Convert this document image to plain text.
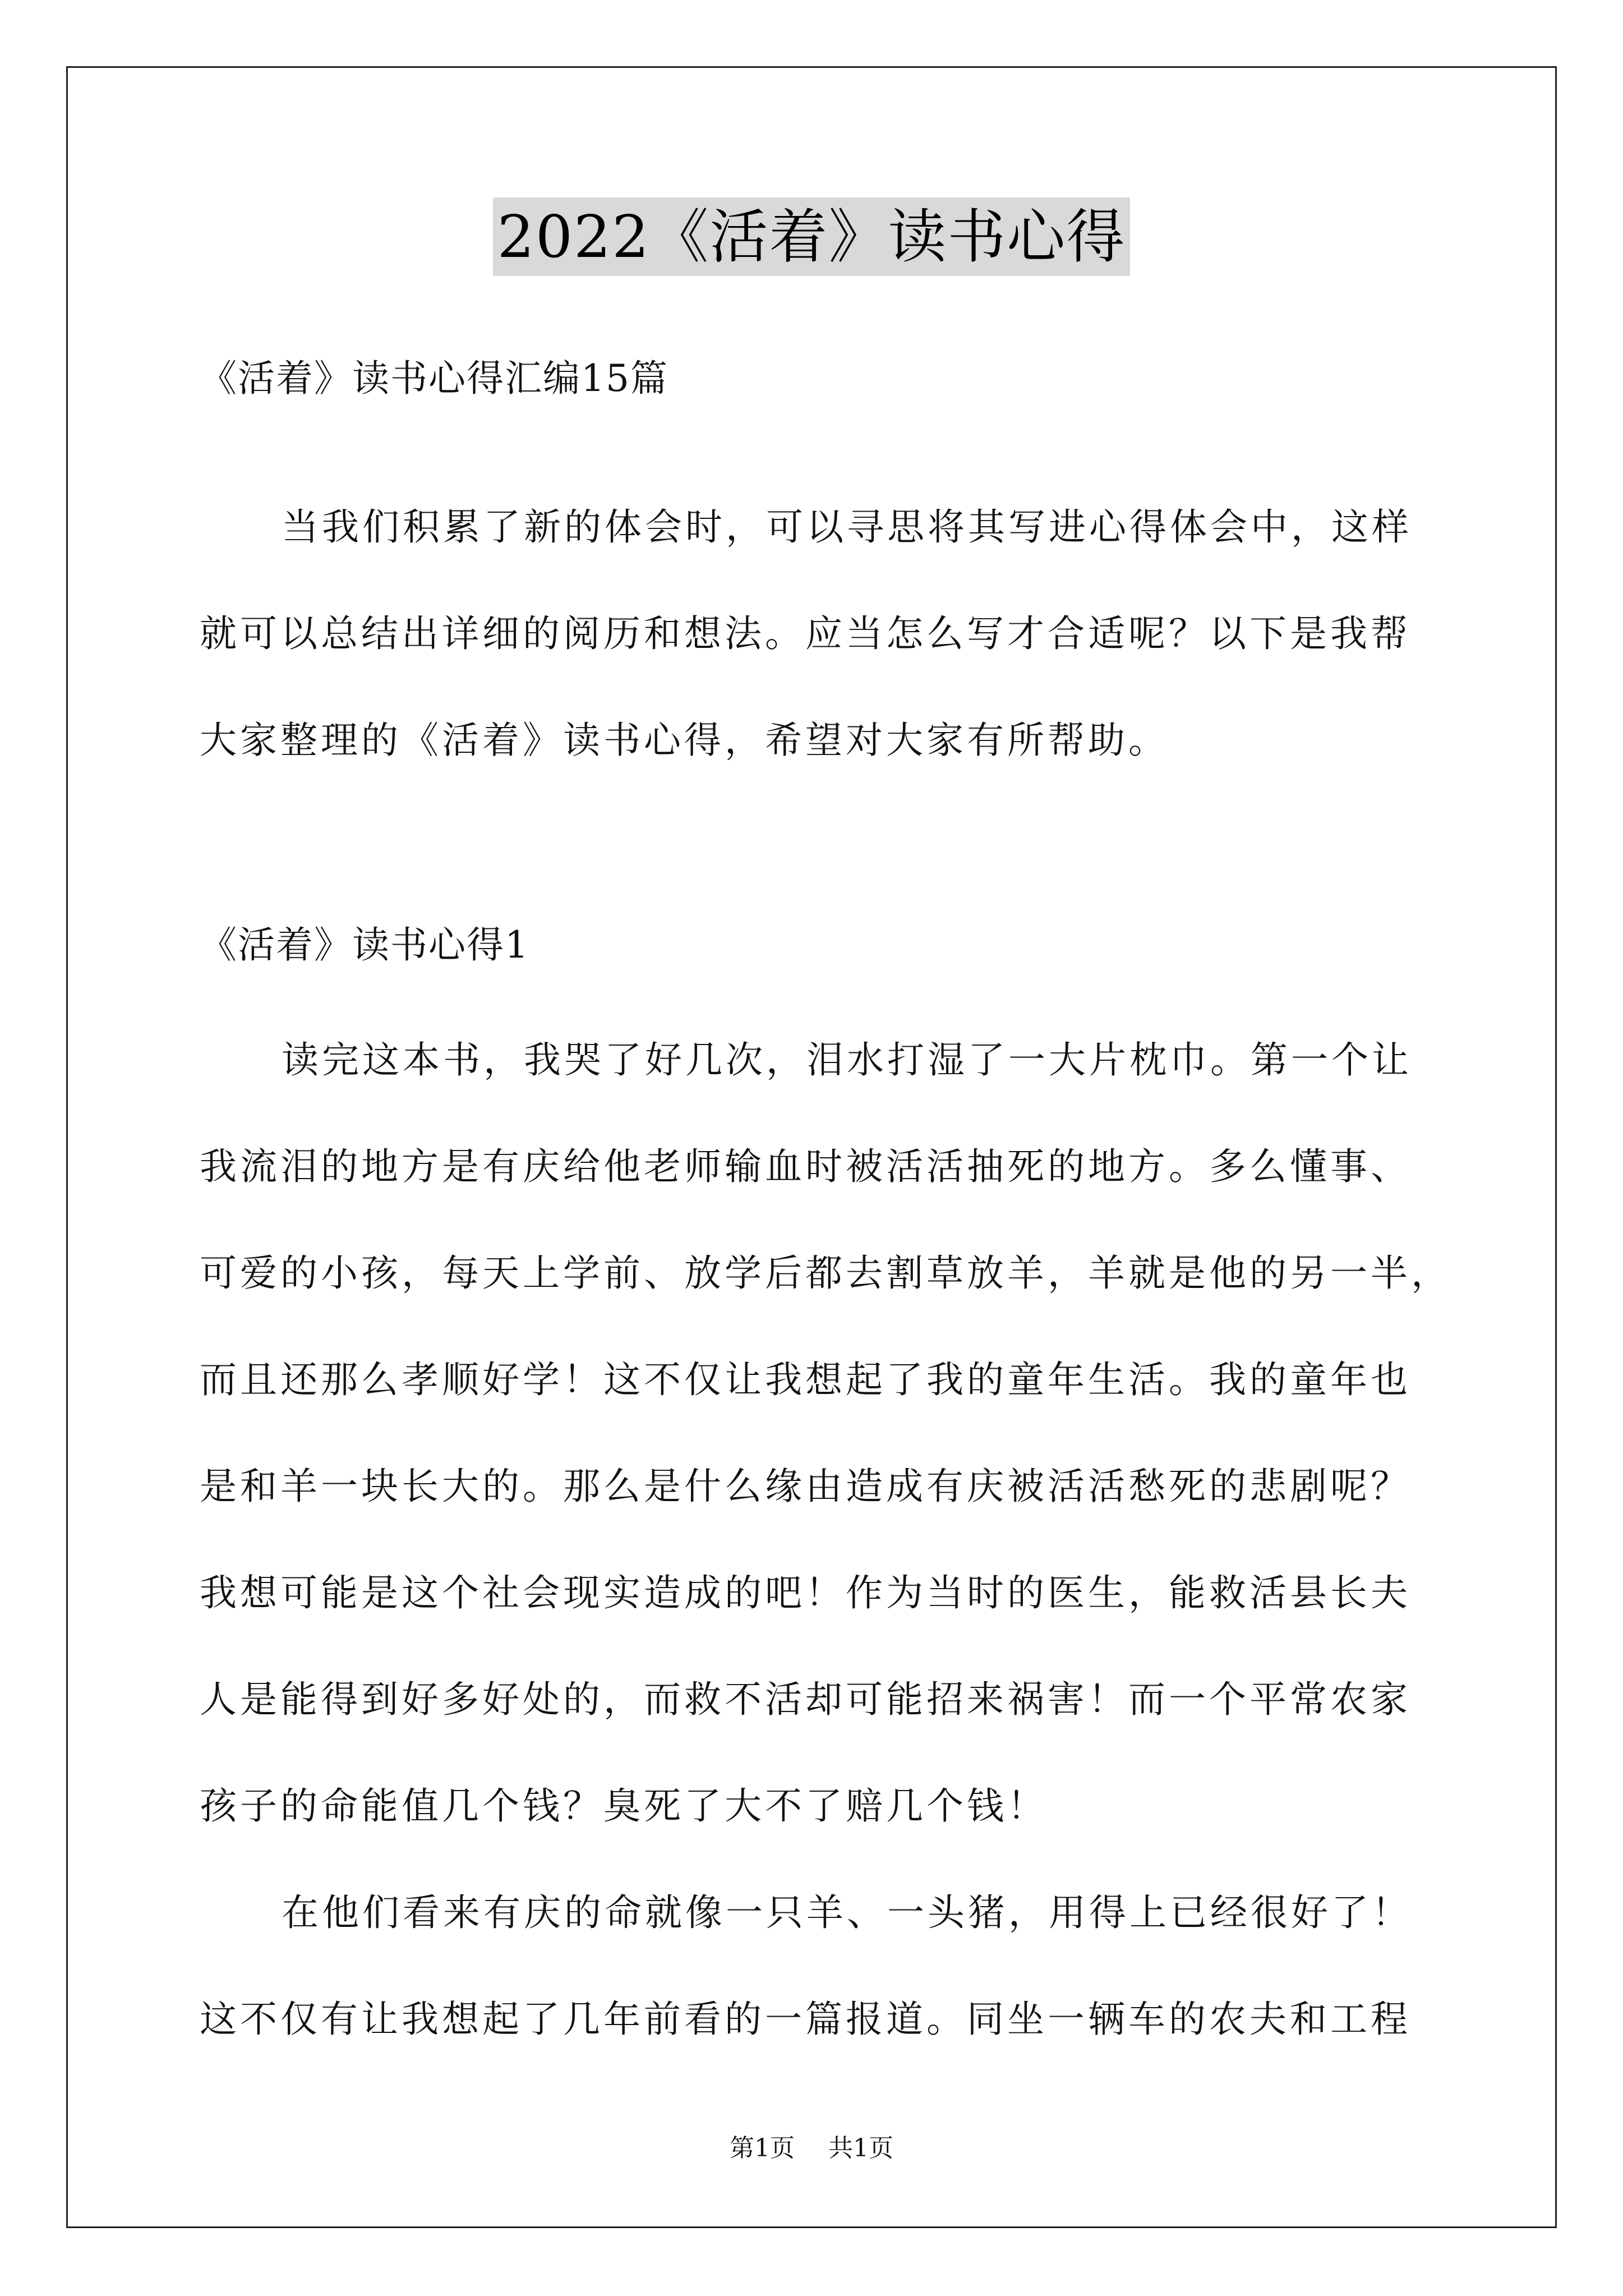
2022《活着》读书心得
《活着》读书心得汇编15篇
当我们积累了新的体会时，可以寻思将其写进心得体会中，这样
就可以总结出详细的阅历和想法。应当怎么写才合适呢？以下是我帮
大家整理的《活着》读书心得，希望对大家有所帮助。
《活着》读书心得1
读完这本书，我哭了好几次，泪水打湿了一大片枕巾。第一个让
我流泪的地方是有庆给他老师输血时被活活抽死的地方。多么懂事、
可爱的小孩，每天上学前、放学后都去割草放羊，羊就是他的另一半，
而且还那么孝顺好学！这不仅让我想起了我的童年生活。我的童年也
是和羊一块长大的。那么是什么缘由造成有庆被活活愁死的悲剧呢？
我想可能是这个社会现实造成的吧！作为当时的医生，能救活县长夫
人是能得到好多好处的，而救不活却可能招来祸害！而一个平常农家
孩子的命能值几个钱？臭死了大不了赔几个钱！
在他们看来有庆的命就像一只羊、一头猪，用得上已经很好了！
这不仅有让我想起了几年前看的一篇报道。同坐一辆车的农夫和工程
第1页 共1页
